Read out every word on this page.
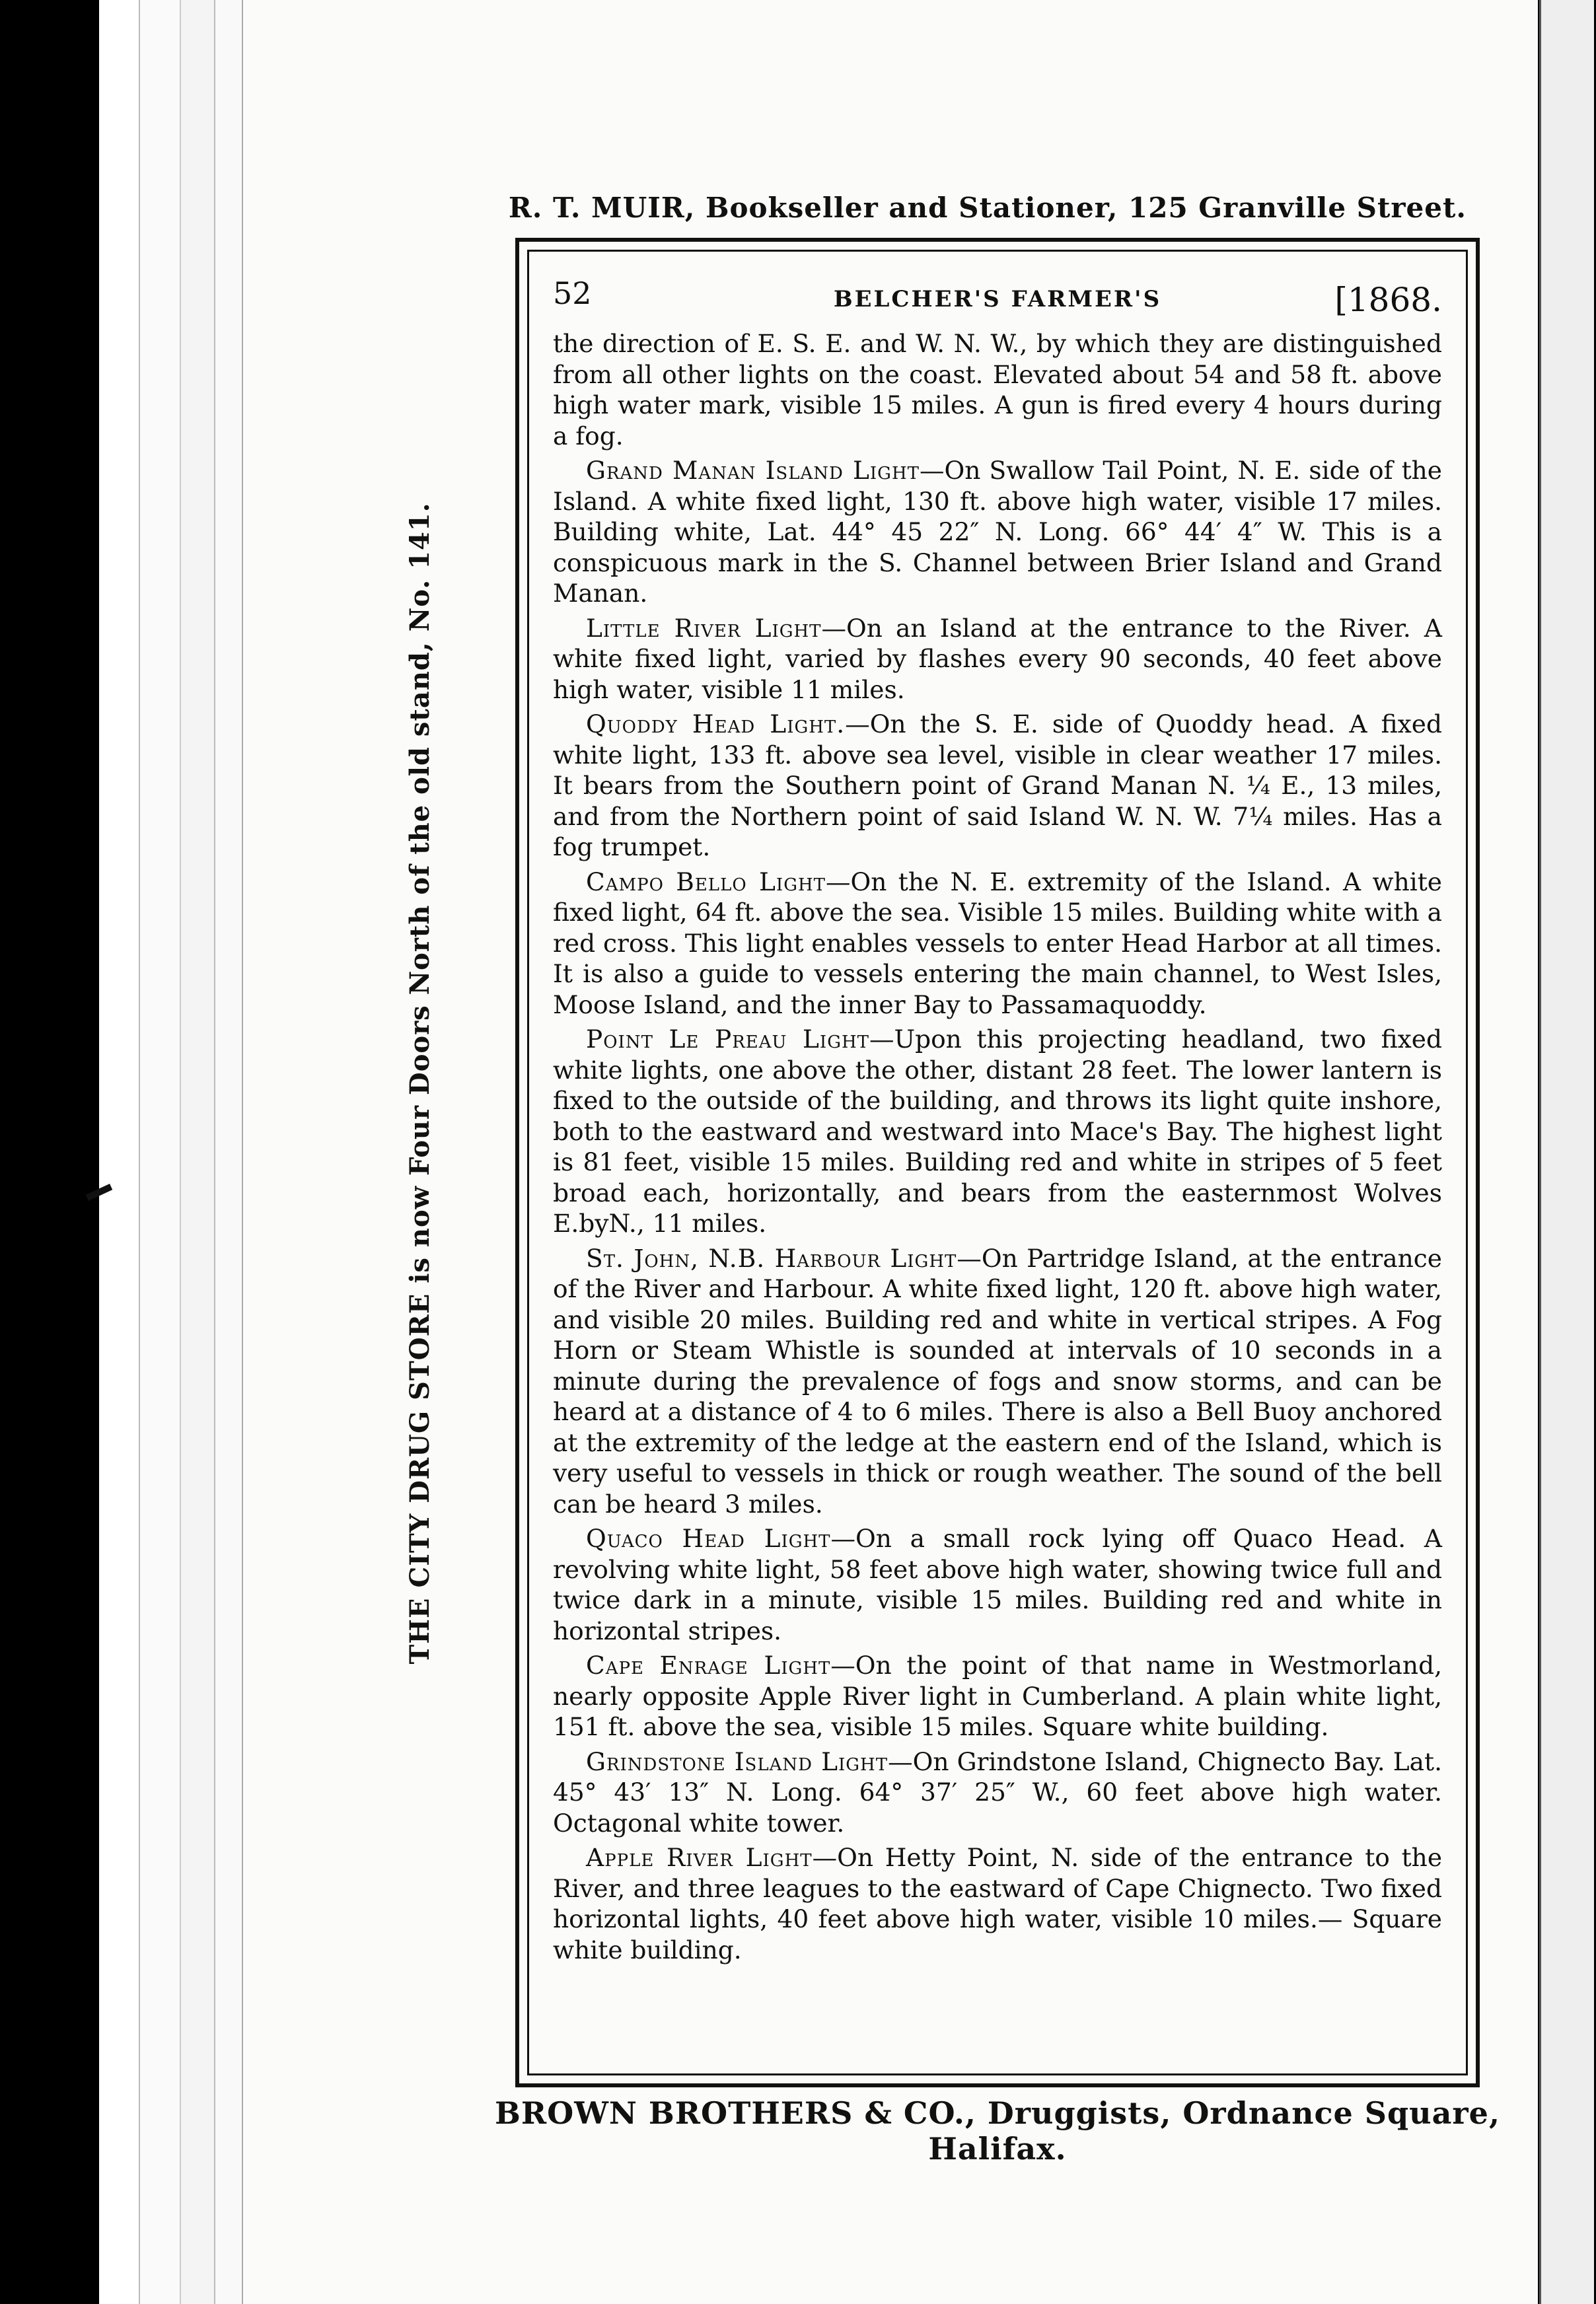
R. T. MUIR, Bookseller and Stationer, 125 Granville Street.
THE CITY DRUG STORE is now Four Doors North of the old stand, No. 141.
52	BELCHER'S FARMER'S	[1868.

the direction of E. S. E. and W. N. W., by which they are distinguished from all other lights on the coast. Elevated about 54 and 58 ft. above high water mark, visible 15 miles. A gun is fired every 4 hours during a fog.

Grand Manan Island Light—On Swallow Tail Point, N. E. side of the Island. A white fixed light, 130 ft. above high water, visible 17 miles. Building white, Lat. 44° 45 22″ N. Long. 66° 44′ 4″ W. This is a conspicuous mark in the S. Channel between Brier Island and Grand Manan.

Little River Light—On an Island at the entrance to the River. A white fixed light, varied by flashes every 90 seconds, 40 feet above high water, visible 11 miles.

Quoddy Head Light.—On the S. E. side of Quoddy head. A fixed white light, 133 ft. above sea level, visible in clear weather 17 miles. It bears from the Southern point of Grand Manan N. ¼ E., 13 miles, and from the Northern point of said Island W. N. W. 7¼ miles. Has a fog trumpet.

Campo Bello Light—On the N. E. extremity of the Island. A white fixed light, 64 ft. above the sea. Visible 15 miles. Building white with a red cross. This light enables vessels to enter Head Harbor at all times. It is also a guide to vessels entering the main channel, to West Isles, Moose Island, and the inner Bay to Passamaquoddy.

Point Le Preau Light—Upon this projecting headland, two fixed white lights, one above the other, distant 28 feet. The lower lantern is fixed to the outside of the building, and throws its light quite inshore, both to the eastward and westward into Mace's Bay. The highest light is 81 feet, visible 15 miles. Building red and white in stripes of 5 feet broad each, horizontally, and bears from the easternmost Wolves E.byN., 11 miles.

St. John, N.B. Harbour Light—On Partridge Island, at the entrance of the River and Harbour. A white fixed light, 120 ft. above high water, and visible 20 miles. Building red and white in vertical stripes. A Fog Horn or Steam Whistle is sounded at intervals of 10 seconds in a minute during the prevalence of fogs and snow storms, and can be heard at a distance of 4 to 6 miles. There is also a Bell Buoy anchored at the extremity of the ledge at the eastern end of the Island, which is very useful to vessels in thick or rough weather. The sound of the bell can be heard 3 miles.

Quaco Head Light—On a small rock lying off Quaco Head. A revolving white light, 58 feet above high water, showing twice full and twice dark in a minute, visible 15 miles. Building red and white in horizontal stripes.

Cape Enrage Light—On the point of that name in Westmorland, nearly opposite Apple River light in Cumberland. A plain white light, 151 ft. above the sea, visible 15 miles. Square white building.

Grindstone Island Light—On Grindstone Island, Chignecto Bay. Lat. 45° 43′ 13″ N. Long. 64° 37′ 25″ W., 60 feet above high water. Octagonal white tower.

Apple River Light—On Hetty Point, N. side of the entrance to the River, and three leagues to the eastward of Cape Chignecto. Two fixed horizontal lights, 40 feet above high water, visible 10 miles.— Square white building.

BROWN BROTHERS & CO., Druggists, Ordnance Square, Halifax.
